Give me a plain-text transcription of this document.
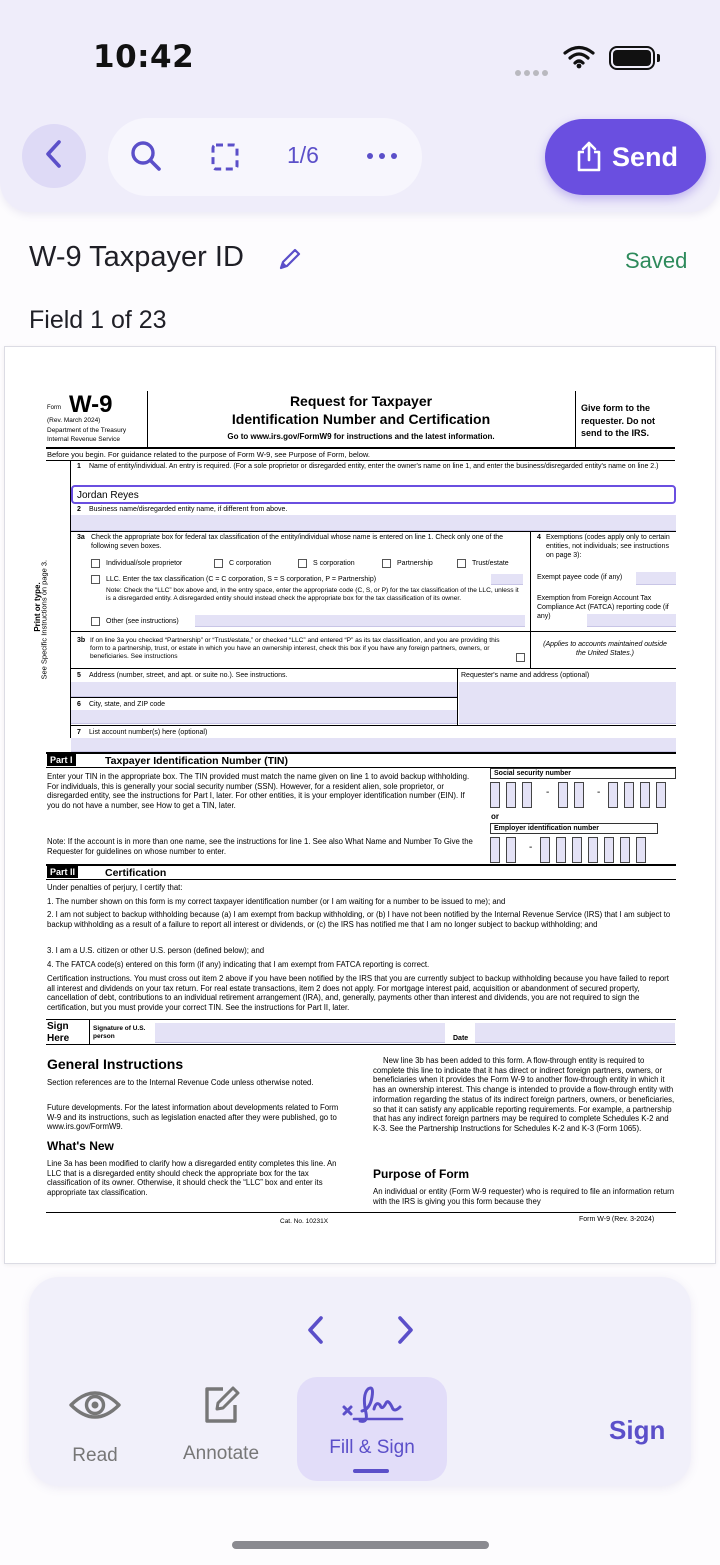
10:42
1/6	Send
W-9 Taxpayer ID	Saved
Field 1 of 23
Form W-9
(Rev. March 2024)
Department of the Treasury
Internal Revenue Service
Request for Taxpayer
Identification Number and Certification
Go to www.irs.gov/FormW9 for instructions and the latest information.
Give form to the requester. Do not send to the IRS.
Before you begin. For guidance related to the purpose of Form W-9, see Purpose of Form, below.
Print or type.
See Specific Instructions on page 3.
1 Name of entity/individual. An entry is required. (For a sole proprietor or disregarded entity, enter the owner's name on line 1, and enter the business/disregarded entity's name on line 2.)
Jordan Reyes
2 Business name/disregarded entity name, if different from above.
3a Check the appropriate box for federal tax classification of the entity/individual whose name is entered on line 1. Check only one of the following seven boxes.
Individual/sole proprietor	C corporation	S corporation	Partnership	Trust/estate
LLC. Enter the tax classification (C = C corporation, S = S corporation, P = Partnership)
Note: Check the “LLC” box above and, in the entry space, enter the appropriate code (C, S, or P) for the tax classification of the LLC, unless it is a disregarded entity. A disregarded entity should instead check the appropriate box for the tax classification of its owner.
Other (see instructions)
3b If on line 3a you checked “Partnership” or “Trust/estate,” or checked “LLC” and entered “P” as its tax classification, and you are providing this form to a partnership, trust, or estate in which you have an ownership interest, check this box if you have any foreign partners, owners, or beneficiaries. See instructions
4 Exemptions (codes apply only to certain entities, not individuals; see instructions on page 3):
Exempt payee code (if any)
Exemption from Foreign Account Tax Compliance Act (FATCA) reporting code (if any)
(Applies to accounts maintained outside the United States.)
5 Address (number, street, and apt. or suite no.). See instructions.	Requester's name and address (optional)
6 City, state, and ZIP code
7 List account number(s) here (optional)
Part I	Taxpayer Identification Number (TIN)
Enter your TIN in the appropriate box. The TIN provided must match the name given on line 1 to avoid backup withholding. For individuals, this is generally your social security number (SSN). However, for a resident alien, sole proprietor, or disregarded entity, see the instructions for Part I, later. For other entities, it is your employer identification number (EIN). If you do not have a number, see How to get a TIN, later.
Note: If the account is in more than one name, see the instructions for line 1. See also What Name and Number To Give the Requester for guidelines on whose number to enter.
Social security number
-	-
or
Employer identification number
-
Part II	Certification
Under penalties of perjury, I certify that:
1. The number shown on this form is my correct taxpayer identification number (or I am waiting for a number to be issued to me); and
2. I am not subject to backup withholding because (a) I am exempt from backup withholding, or (b) I have not been notified by the Internal Revenue Service (IRS) that I am subject to backup withholding as a result of a failure to report all interest or dividends, or (c) the IRS has notified me that I am no longer subject to backup withholding; and
3. I am a U.S. citizen or other U.S. person (defined below); and
4. The FATCA code(s) entered on this form (if any) indicating that I am exempt from FATCA reporting is correct.
Certification instructions. You must cross out item 2 above if you have been notified by the IRS that you are currently subject to backup withholding because you have failed to report all interest and dividends on your tax return. For real estate transactions, item 2 does not apply. For mortgage interest paid, acquisition or abandonment of secured property, cancellation of debt, contributions to an individual retirement arrangement (IRA), and, generally, payments other than interest and dividends, you are not required to sign the certification, but you must provide your correct TIN. See the instructions for Part II, later.
Sign Here
Signature of U.S. person	Date
General Instructions
Section references are to the Internal Revenue Code unless otherwise noted.
Future developments. For the latest information about developments related to Form W-9 and its instructions, such as legislation enacted after they were published, go to www.irs.gov/FormW9.
What's New
Line 3a has been modified to clarify how a disregarded entity completes this line. An LLC that is a disregarded entity should check the appropriate box for the tax classification of its owner. Otherwise, it should check the “LLC” box and enter its appropriate tax classification.
New line 3b has been added to this form. A flow-through entity is required to complete this line to indicate that it has direct or indirect foreign partners, owners, or beneficiaries when it provides the Form W-9 to another flow-through entity in which it has an ownership interest. This change is intended to provide a flow-through entity with information regarding the status of its indirect foreign partners, owners, or beneficiaries, so that it can satisfy any applicable reporting requirements. For example, a partnership that has any indirect foreign partners may be required to complete Schedules K-2 and K-3. See the Partnership Instructions for Schedules K-2 and K-3 (Form 1065).
Purpose of Form
An individual or entity (Form W-9 requester) who is required to file an information return with the IRS is giving you this form because they
Cat. No. 10231X	Form W-9 (Rev. 3-2024)
Read	Annotate	Fill & Sign
Sign
